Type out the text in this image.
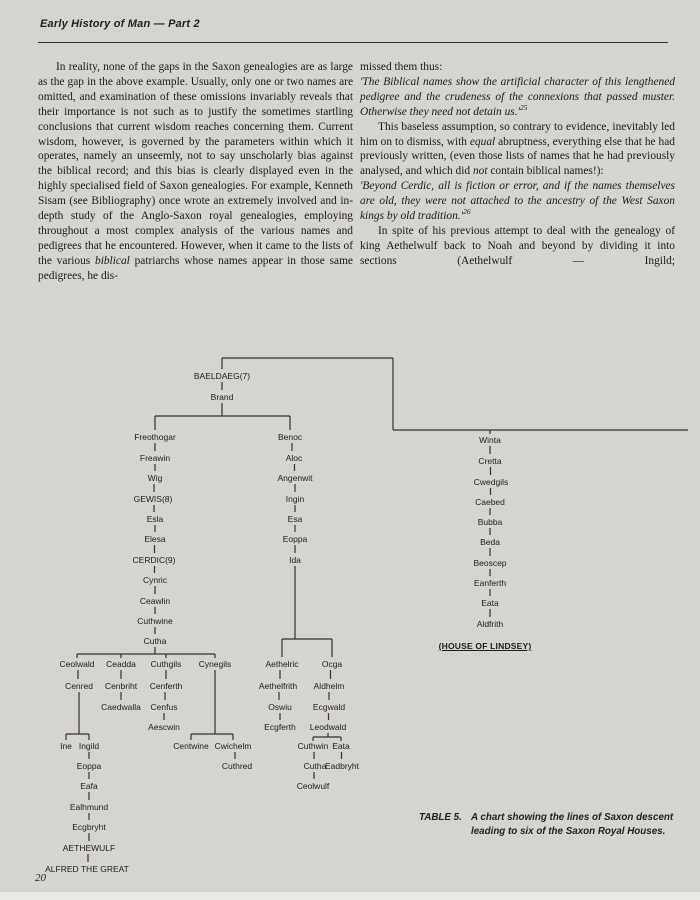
Early History of Man — Part 2

In reality, none of the gaps in the Saxon genealogies are as large as the gap in the above example. Usually, only one or two names are omitted, and examination of these omissions invariably reveals that their importance is not such as to justify the sometimes startling conclusions that current wisdom reaches concerning them. Current wisdom, however, is governed by the parameters within which it operates, namely an unseemly, not to say unscholarly bias against the biblical record; and this bias is clearly displayed even in the highly specialised field of Saxon genealogies. For example, Kenneth Sisam (see Bibliography) once wrote an extremely involved and in-depth study of the Anglo-Saxon royal genealogies, employing throughout a most complex analysis of the various names and pedigrees that he encountered. However, when it came to the lists of the various biblical patriarchs whose names appear in those same pedigrees, he dis-

missed them thus:

'The Biblical names show the artificial character of this lengthened pedigree and the crudeness of the connexions that passed muster. Otherwise they need not detain $us.'^{25}$

This baseless assumption, so contrary to evidence, inevitably led him on to dismiss, with equal abruptness, everything else that he had previously written, (even those lists of names that he had previously analysed, and which did not contain biblical names!):

'Beyond Cerdic, all is fiction or error, and if the names themselves are old, they were not attached to the ancestry of the West Saxon kings by old $tradition.'^{26}$

In spite of his previous attempt to deal with the genealogy of king Aethelwulf back to Noah and beyond by dividing it into sections (Aethelwulf — Ingild;

BAELDAEG(7)
Brand
Freothogar
Freawin
Wig
GEWIS(8)
Esla
Elesa
CERDIC(9)
Cynric
Ceawlin
Cuthwine
Cutha
Benoc
Aloc
Angenwit
Ingin
Esa
Eoppa
Ida
Ceolwald
Cenred
Ceadda
Cenbriht
Caedwalla
Cuthgils
Cenferth
Cenfus
Aescwin
Cynegils
Ine Ingild
Eoppa
Eafa
Ealhmund
Ecgbryht
AETHEWULF
ALFRED THE GREAT
Centwine Cwichelm
Cuthred
Aethelric
Aethelfrith
Oswiu
Ecgferth
Ocga
Aldhelm
Ecgwald
Leodwald
Cuthwin
Cutha
Ceolwulf
Eata
Eadbryht
Winta
Cretta
Cwedgils
Caebed
Bubba
Beda
Beoscep
Eanferth
Eata
Aldfrith
(HOUSE OF LINDSEY)
TABLE 5. A chart showing the lines of Saxon descent leading to six of the Saxon Royal Houses.
20
